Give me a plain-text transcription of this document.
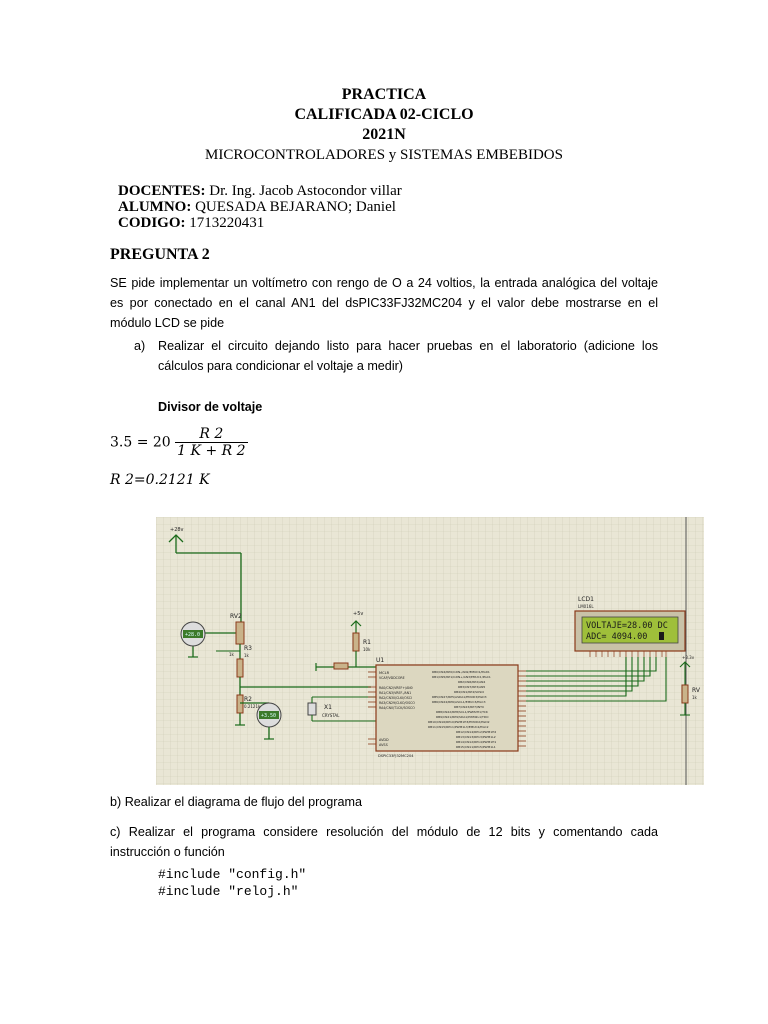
PRACTICA
CALIFICADA 02-CICLO
2021N
MICROCONTROLADORES y SISTEMAS EMBEBIDOS
DOCENTES: Dr. Ing. Jacob Astocondor villar
ALUMNO: QUESADA BEJARANO; Daniel
CODIGO: 1713220431
PREGUNTA 2
SE pide implementar un voltímetro con rengo de O a 24 voltios, la entrada analógica del voltaje es por conectado en el canal AN1 del dsPIC33FJ32MC204 y el valor debe mostrarse en el módulo LCD se pide
a) Realizar el circuito dejando listo para hacer pruebas en el laboratorio (adicione los cálculos para condicionar el voltaje a medir)
Divisor de voltaje
$3.5 = 20 \frac{R 2}{1 K + R 2}$
R 2=0.2121 K
+28v
+28.0
RV2
1k
R3
1k
R2
0.2121k
+3.50
+5v
R1
10k
X1
CRYSTAL
U1
MCLR
VCAP/VDDCORE
RA0/CN2/VREF+/AN0
RA1/CN3/VREF-/AN1
RA2/CN30/CLKI/OSCI
RA3/CN29/CLKO/OSCO
RA4/CN0/T1CK/SOSCO
AVDD
AVSS
RB0/CN4/RP0/C2IN-/AN2/EMUD1/PGD1
RB1/CN5/RP1/C2IN+/AN3/EMUC1/PGC1
RB2/CN6/RP2/AN4
RB3/CN7/RP3/AN5
RB4/CN1/RP4/SOSCI
RB5/CN27/RP5/ASDA1/EMUD3/PGD3
RB6/CN24/RP6/ASCL1/EMUC3/PGC3
RB7/CN23/RP7/INT0
RB8/CN22/RP8/SCL1/PWM2H1/TCK
RB9/CN21/RP9/SDA1/PWM2L1/TDO
RB10/CN16/RP10/PWM1H3/EMUD2/PGD2
RB11/CN15/RP11/PWM1L3/EMUC2/PGC2
RB12/CN14/RP12/PWM1H2
RB13/CN13/RP13/PWM1L2
RB14/CN12/RP14/PWM1H1
RB15/CN11/RP15/PWM1L1
DSPIC33FJ32MC204
LCD1
LM016L
VOLTAJE=28.00 DC
ADC= 4094.00
+3.3v
RV
1k
b) Realizar el diagrama de flujo del programa
c) Realizar el programa considere resolución del módulo de 12 bits y comentando cada instrucción o función
#include "config.h"
#include "reloj.h"
